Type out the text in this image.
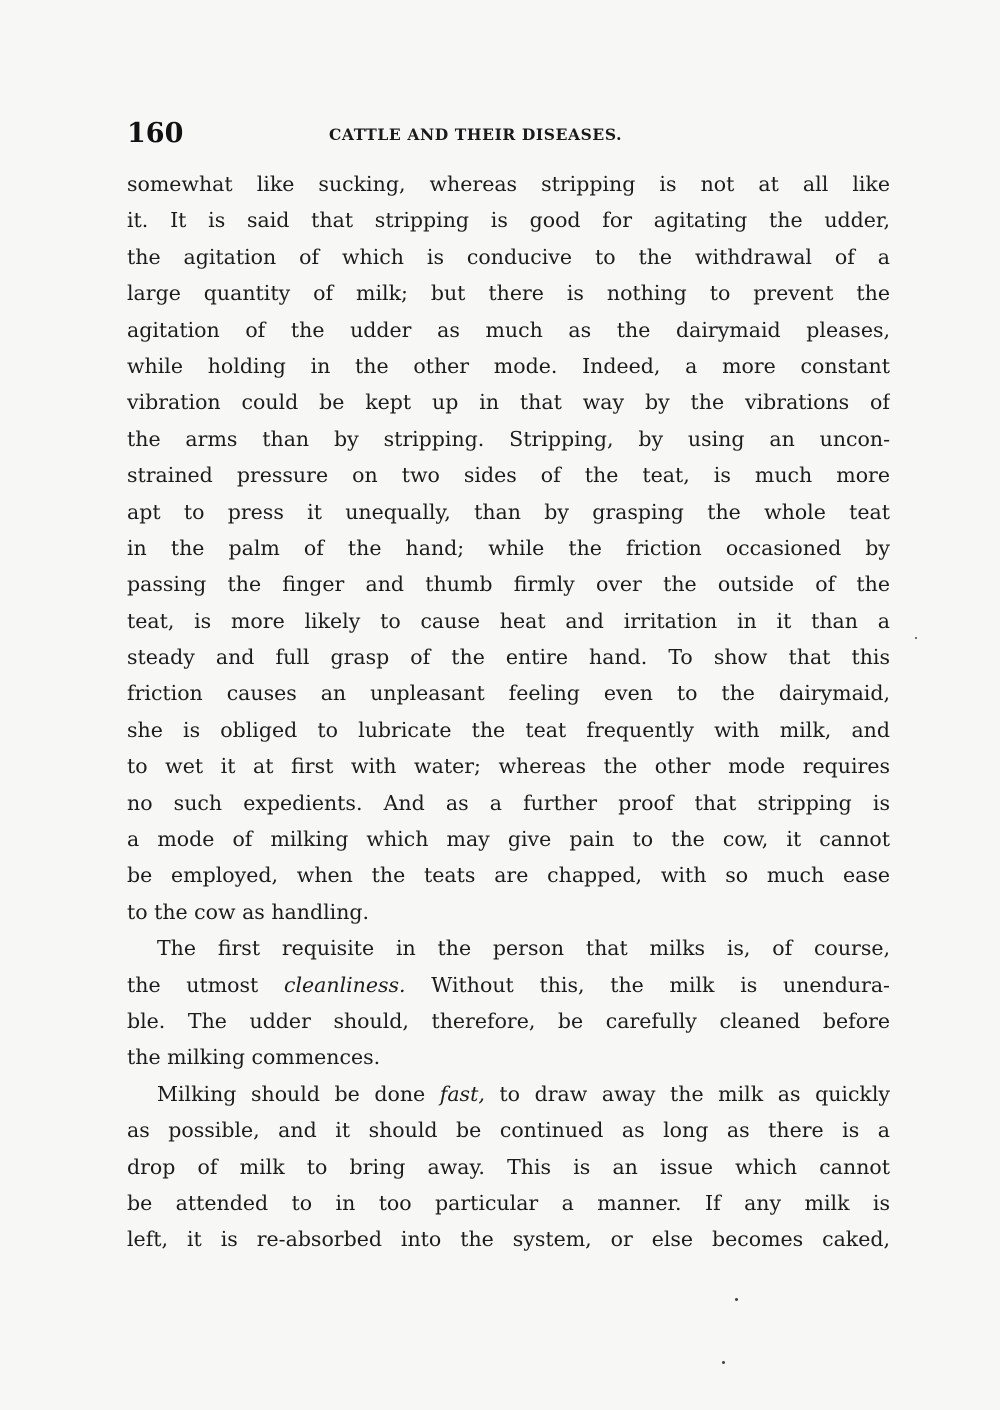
160	CATTLE AND THEIR DISEASES.
somewhat like sucking, whereas stripping is not at all like
it. It is said that stripping is good for agitating the udder,
the agitation of which is conducive to the withdrawal of a
large quantity of milk; but there is nothing to prevent the
agitation of the udder as much as the dairymaid pleases,
while holding in the other mode. Indeed, a more constant
vibration could be kept up in that way by the vibrations of
the arms than by stripping. Stripping, by using an uncon-
strained pressure on two sides of the teat, is much more
apt to press it unequally, than by grasping the whole teat
in the palm of the hand; while the friction occasioned by
passing the finger and thumb firmly over the outside of the
teat, is more likely to cause heat and irritation in it than a
steady and full grasp of the entire hand. To show that this
friction causes an unpleasant feeling even to the dairymaid,
she is obliged to lubricate the teat frequently with milk, and
to wet it at first with water; whereas the other mode requires
no such expedients. And as a further proof that stripping is
a mode of milking which may give pain to the cow, it cannot
be employed, when the teats are chapped, with so much ease
to the cow as handling.
The first requisite in the person that milks is, of course,
the utmost cleanliness. Without this, the milk is unendura-
ble. The udder should, therefore, be carefully cleaned before
the milking commences.
Milking should be done fast, to draw away the milk as quickly
as possible, and it should be continued as long as there is a
drop of milk to bring away. This is an issue which cannot
be attended to in too particular a manner. If any milk is
left, it is re-absorbed into the system, or else becomes caked,
